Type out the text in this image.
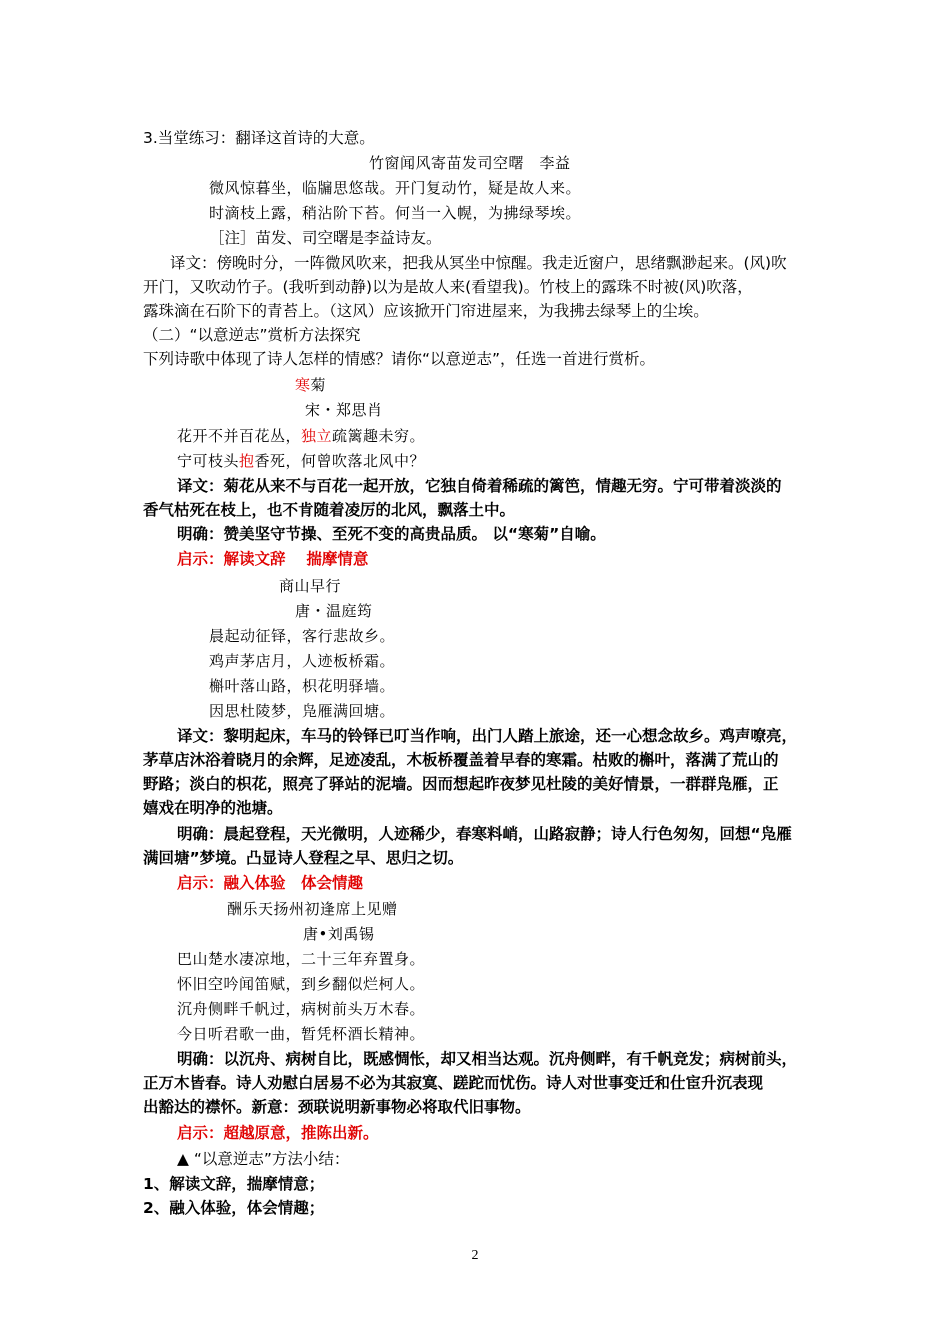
3.当堂练习：翻译这首诗的大意。
竹窗闻风寄苗发司空曙　李益
微风惊暮坐，临牖思悠哉。开门复动竹，疑是故人来。
时滴枝上露，稍沾阶下苔。何当一入幌，为拂绿琴埃。
［注］苗发、司空曙是李益诗友。
译文：傍晚时分，一阵微风吹来，把我从冥坐中惊醒。我走近窗户，思绪飘渺起来。(风)吹
开门，又吹动竹子。(我听到动静)以为是故人来(看望我)。竹枝上的露珠不时被(风)吹落，
露珠滴在石阶下的青苔上。（这风）应该掀开门帘进屋来，为我拂去绿琴上的尘埃。
（二）“以意逆志”赏析方法探究
下列诗歌中体现了诗人怎样的情感？请你“以意逆志”，任选一首进行赏析。
寒菊
宋・郑思肖
花开不并百花丛，独立疏篱趣未穷。
宁可枝头抱香死，何曾吹落北风中？
译文：菊花从来不与百花一起开放，它独自倚着稀疏的篱笆，情趣无穷。宁可带着淡淡的
香气枯死在枝上，也不肯随着凌厉的北风，飘落土中。
明确：赞美坚守节操、至死不变的高贵品质。 以“寒菊”自喻。
启示：解读文辞　 揣摩情意
商山早行
唐・温庭筠
晨起动征铎，客行悲故乡。
鸡声茅店月，人迹板桥霜。
槲叶落山路，枳花明驿墙。
因思杜陵梦，凫雁满回塘。
译文：黎明起床，车马的铃铎已叮当作响，出门人踏上旅途，还一心想念故乡。鸡声嘹亮，
茅草店沐浴着晓月的余辉，足迹凌乱，木板桥覆盖着早春的寒霜。枯败的槲叶，落满了荒山的
野路；淡白的枳花，照亮了驿站的泥墙。因而想起昨夜梦见杜陵的美好情景，一群群凫雁，正
嬉戏在明净的池塘。
明确：晨起登程，天光微明，人迹稀少，春寒料峭，山路寂静；诗人行色匆匆，回想“凫雁
满回塘”梦境。凸显诗人登程之早、思归之切。
启示：融入体验　体会情趣
酬乐天扬州初逢席上见赠
唐•刘禹锡
巴山楚水凄凉地，二十三年弃置身。
怀旧空吟闻笛赋，到乡翻似烂柯人。
沉舟侧畔千帆过，病树前头万木春。
今日听君歌一曲，暂凭杯酒长精神。
明确：以沉舟、病树自比，既感惆怅，却又相当达观。沉舟侧畔，有千帆竞发；病树前头，
正万木皆春。诗人劝慰白居易不必为其寂寞、蹉跎而忧伤。诗人对世事变迁和仕宦升沉表现
出豁达的襟怀。新意：颈联说明新事物必将取代旧事物。
启示：超越原意，推陈出新。
▲ “以意逆志”方法小结：
1、解读文辞，揣摩情意；
2、融入体验，体会情趣；
2
